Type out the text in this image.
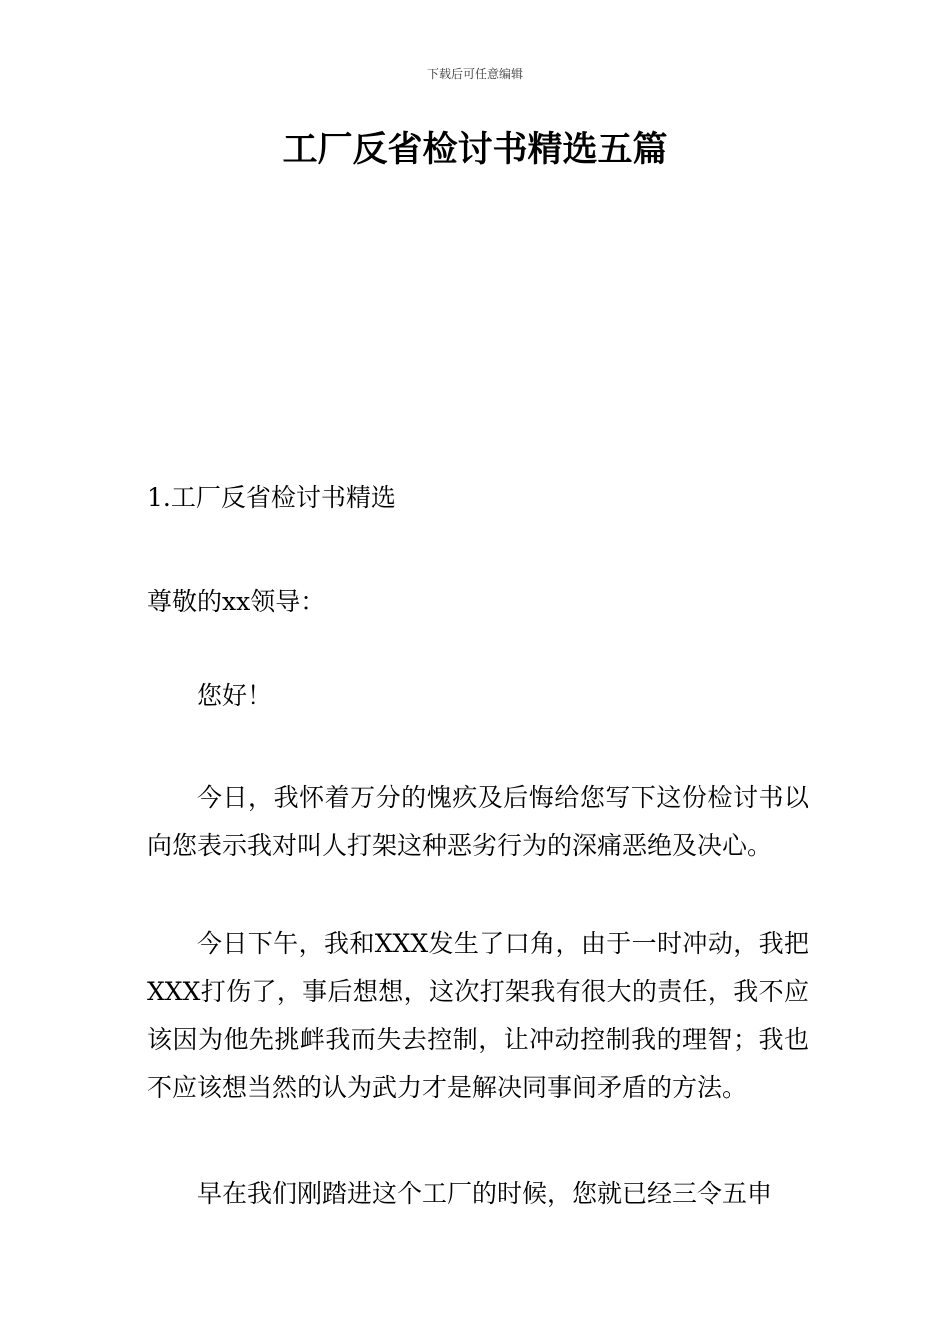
下载后可任意编辑
工厂反省检讨书精选五篇

1.工厂反省检讨书精选

尊敬的xx领导：

您好！

今日，我怀着万分的愧疚及后悔给您写下这份检讨书以向您表示我对叫人打架这种恶劣行为的深痛恶绝及决心。

今日下午，我和XXX发生了口角，由于一时冲动，我把XXX打伤了，事后想想，这次打架我有很大的责任，我不应该因为他先挑衅我而失去控制，让冲动控制我的理智；我也不应该想当然的认为武力才是解决同事间矛盾的方法。

早在我们刚踏进这个工厂的时候，您就已经三令五申
